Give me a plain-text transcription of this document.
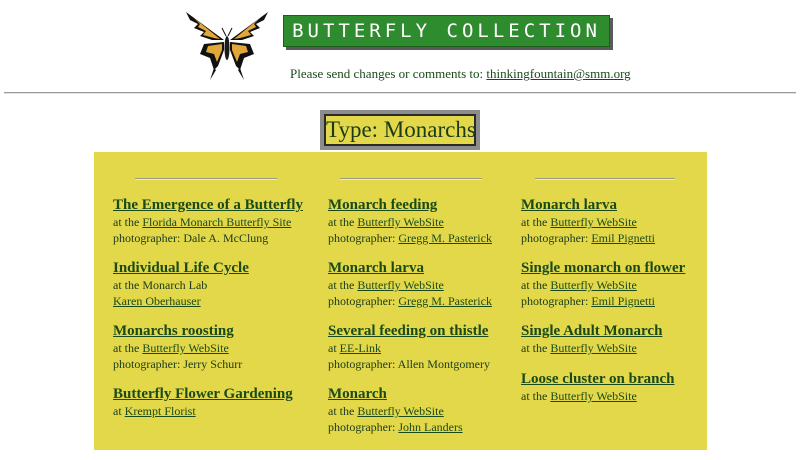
BUTTERFLY COLLECTION
Please send changes or comments to: thinkingfountain@smm.org
Type: Monarchs
The Emergence of a Butterfly
at the Florida Monarch Butterfly Site
photographer: Dale A. McClung
Individual Life Cycle
at the Monarch Lab
Karen Oberhauser
Monarchs roosting
at the Butterfly WebSite
photographer: Jerry Schurr
Butterfly Flower Gardening
at Krempt Florist
Monarch feeding
at the Butterfly WebSite
photographer: Gregg M. Pasterick
Monarch larva
at the Butterfly WebSite
photographer: Gregg M. Pasterick
Several feeding on thistle
at EE-Link
photographer: Allen Montgomery
Monarch
at the Butterfly WebSite
photographer: John Landers
Monarch larva
at the Butterfly WebSite
photographer: Emil Pignetti
Single monarch on flower
at the Butterfly WebSite
photographer: Emil Pignetti
Single Adult Monarch
at the Butterfly WebSite
Loose cluster on branch
at the Butterfly WebSite
